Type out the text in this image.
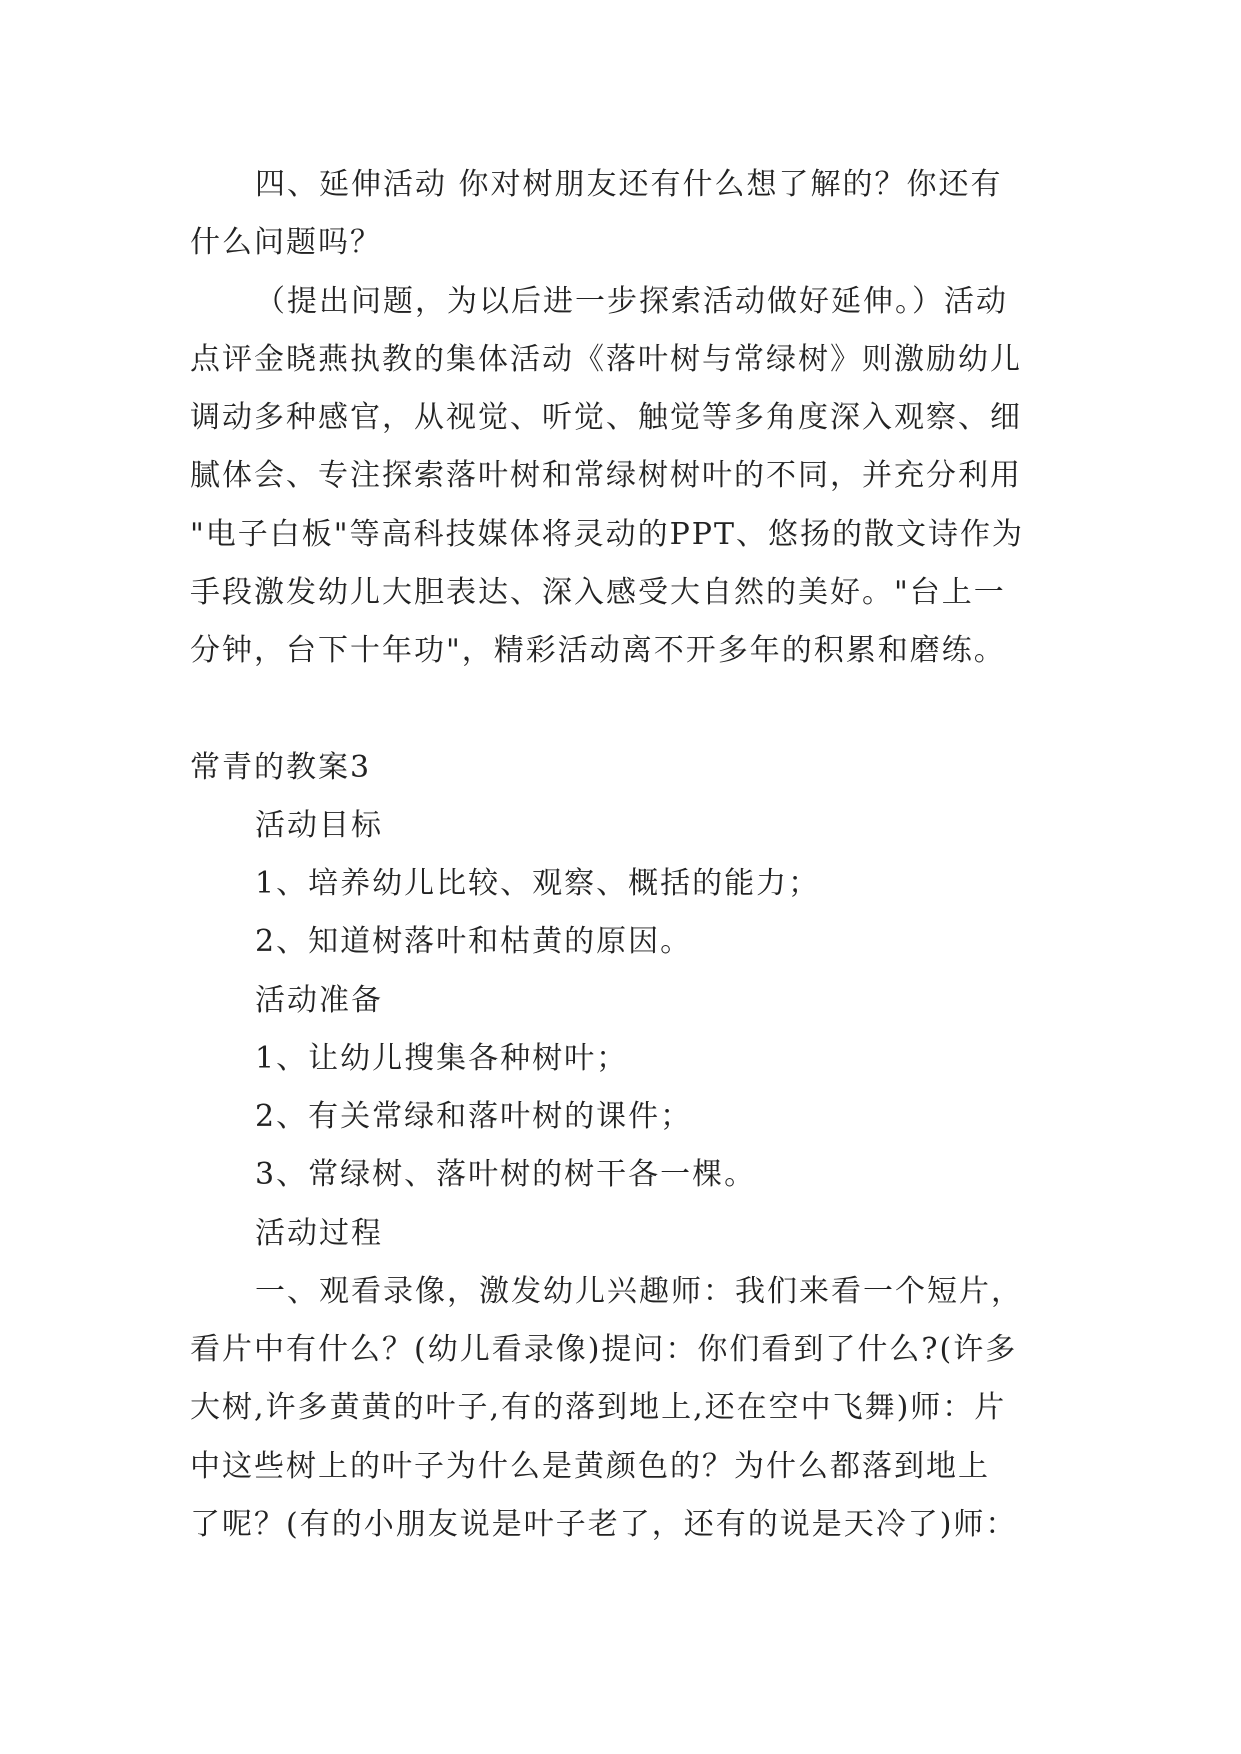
四、延伸活动 你对树朋友还有什么想了解的？你还有
什么问题吗？
（提出问题，为以后进一步探索活动做好延伸。）活动
点评金晓燕执教的集体活动《落叶树与常绿树》则激励幼儿
调动多种感官，从视觉、听觉、触觉等多角度深入观察、细
腻体会、专注探索落叶树和常绿树树叶的不同，并充分利用
"电子白板"等高科技媒体将灵动的PPT、悠扬的散文诗作为
手段激发幼儿大胆表达、深入感受大自然的美好。"台上一
分钟，台下十年功"，精彩活动离不开多年的积累和磨练。
常青的教案3
活动目标
1、培养幼儿比较、观察、概括的能力；
2、知道树落叶和枯黄的原因。
活动准备
1、让幼儿搜集各种树叶；
2、有关常绿和落叶树的课件；
3、常绿树、落叶树的树干各一棵。
活动过程
一、观看录像，激发幼儿兴趣师：我们来看一个短片，
看片中有什么？(幼儿看录像)提问：你们看到了什么?(许多
大树,许多黄黄的叶子,有的落到地上,还在空中飞舞)师：片
中这些树上的叶子为什么是黄颜色的？为什么都落到地上
了呢？(有的小朋友说是叶子老了，还有的说是天冷了)师：
